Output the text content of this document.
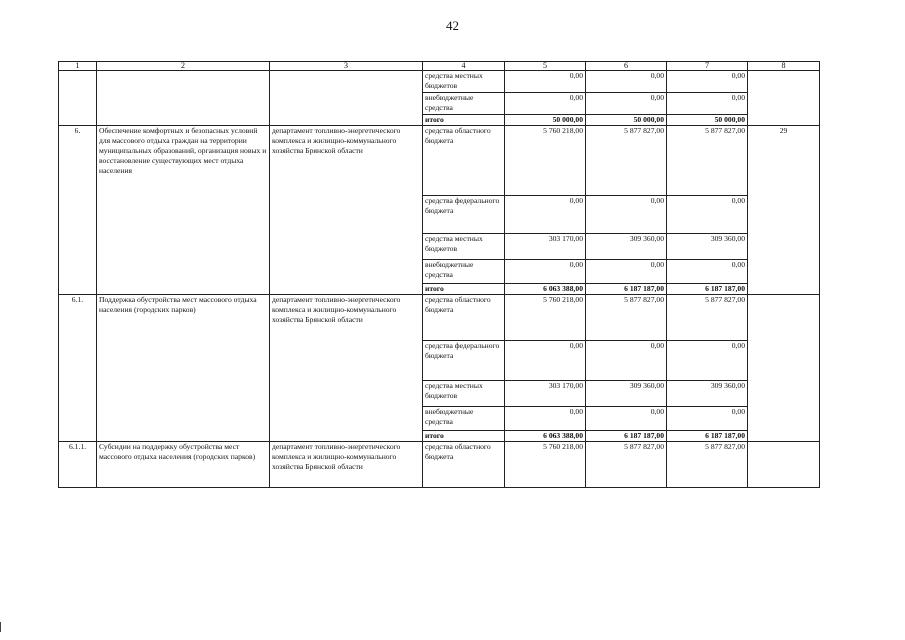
42
1	2	3	4	5	6	7	8
			средства местных бюджетов	0,00	0,00	0,00	
			внебюджетные средства	0,00	0,00	0,00	
			итого	50 000,00	50 000,00	50 000,00	
6.	Обеспечение комфортных и безопасных условий для массового отдыха граждан на территории муниципальных образований, организация новых и восстановление существующих мест отдыха населения	департамент топливно-энергетического комплекса и жилищно-коммунального хозяйства Брянской области	средства областного бюджета	5 760 218,00	5 877 827,00	5 877 827,00	29
			средства федерального бюджета	0,00	0,00	0,00	
			средства местных бюджетов	303 170,00	309 360,00	309 360,00	
			внебюджетные средства	0,00	0,00	0,00	
			итого	6 063 388,00	6 187 187,00	6 187 187,00	
6.1.	Поддержка обустройства мест массового отдыха населения (городских парков)	департамент топливно-энергетического комплекса и жилищно-коммунального хозяйства Брянской области	средства областного бюджета	5 760 218,00	5 877 827,00	5 877 827,00	
			средства федерального бюджета	0,00	0,00	0,00	
			средства местных бюджетов	303 170,00	309 360,00	309 360,00	
			внебюджетные средства	0,00	0,00	0,00	
			итого	6 063 388,00	6 187 187,00	6 187 187,00	
6.1.1.	Субсидии на поддержку обустройства мест массового отдыха населения (городских парков)	департамент топливно-энергетического комплекса и жилищно-коммунального хозяйства Брянской области	средства областного бюджета	5 760 218,00	5 877 827,00	5 877 827,00	
